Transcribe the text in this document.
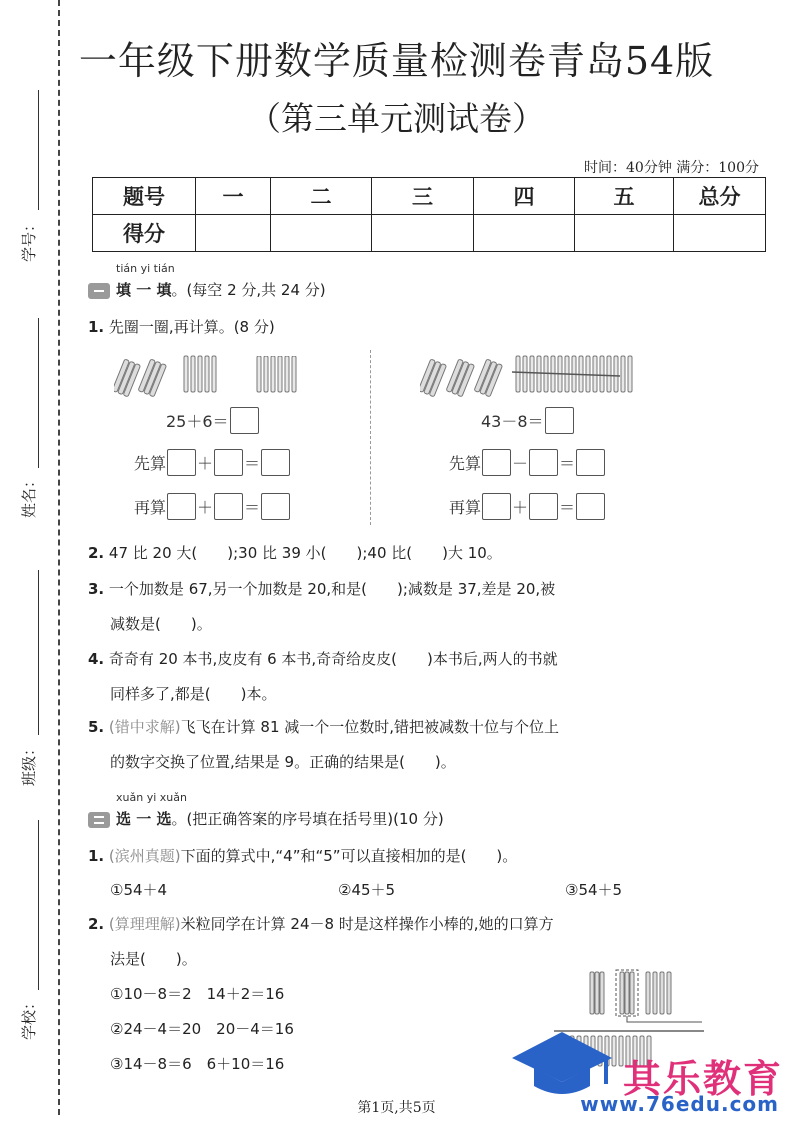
学号：
姓名：
班级：
学校：
一年级下册数学质量检测卷青岛54版
（第三单元测试卷）
时间：40分钟 满分：100分
题号	一	二	三	四	五	总分
得分						
tián yi tián
填 一 填。(每空 2 分,共 24 分)
1. 先圈一圈,再计算。(8 分)
25＋6＝
先算 ＋ ＝
再算 ＋ ＝
43－8＝
先算 － ＝
再算 ＋ ＝
2. 47 比 20 大(　　);30 比 39 小(　　);40 比(　　)大 10。
3. 一个加数是 67,另一个加数是 20,和是(　　);减数是 37,差是 20,被
减数是(　　)。
4. 奇奇有 20 本书,皮皮有 6 本书,奇奇给皮皮(　　)本书后,两人的书就
同样多了,都是(　　)本。
5. (错中求解)飞飞在计算 81 减一个一位数时,错把被减数十位与个位上
的数字交换了位置,结果是 9。正确的结果是(　　)。
xuǎn yi xuǎn
选 一 选。(把正确答案的序号填在括号里)(10 分)
1. (滨州真题)下面的算式中,“4”和“5”可以直接相加的是(　　)。
①54＋4	②45＋5	③54＋5
2. (算理理解)米粒同学在计算 24－8 时是这样操作小棒的,她的口算方
法是(　　)。
①10－8＝2　14＋2＝16
②24－4＝20　20－4＝16
③14－8＝6　6＋10＝16	其乐教育
www.76edu.com
第1页,共5页
